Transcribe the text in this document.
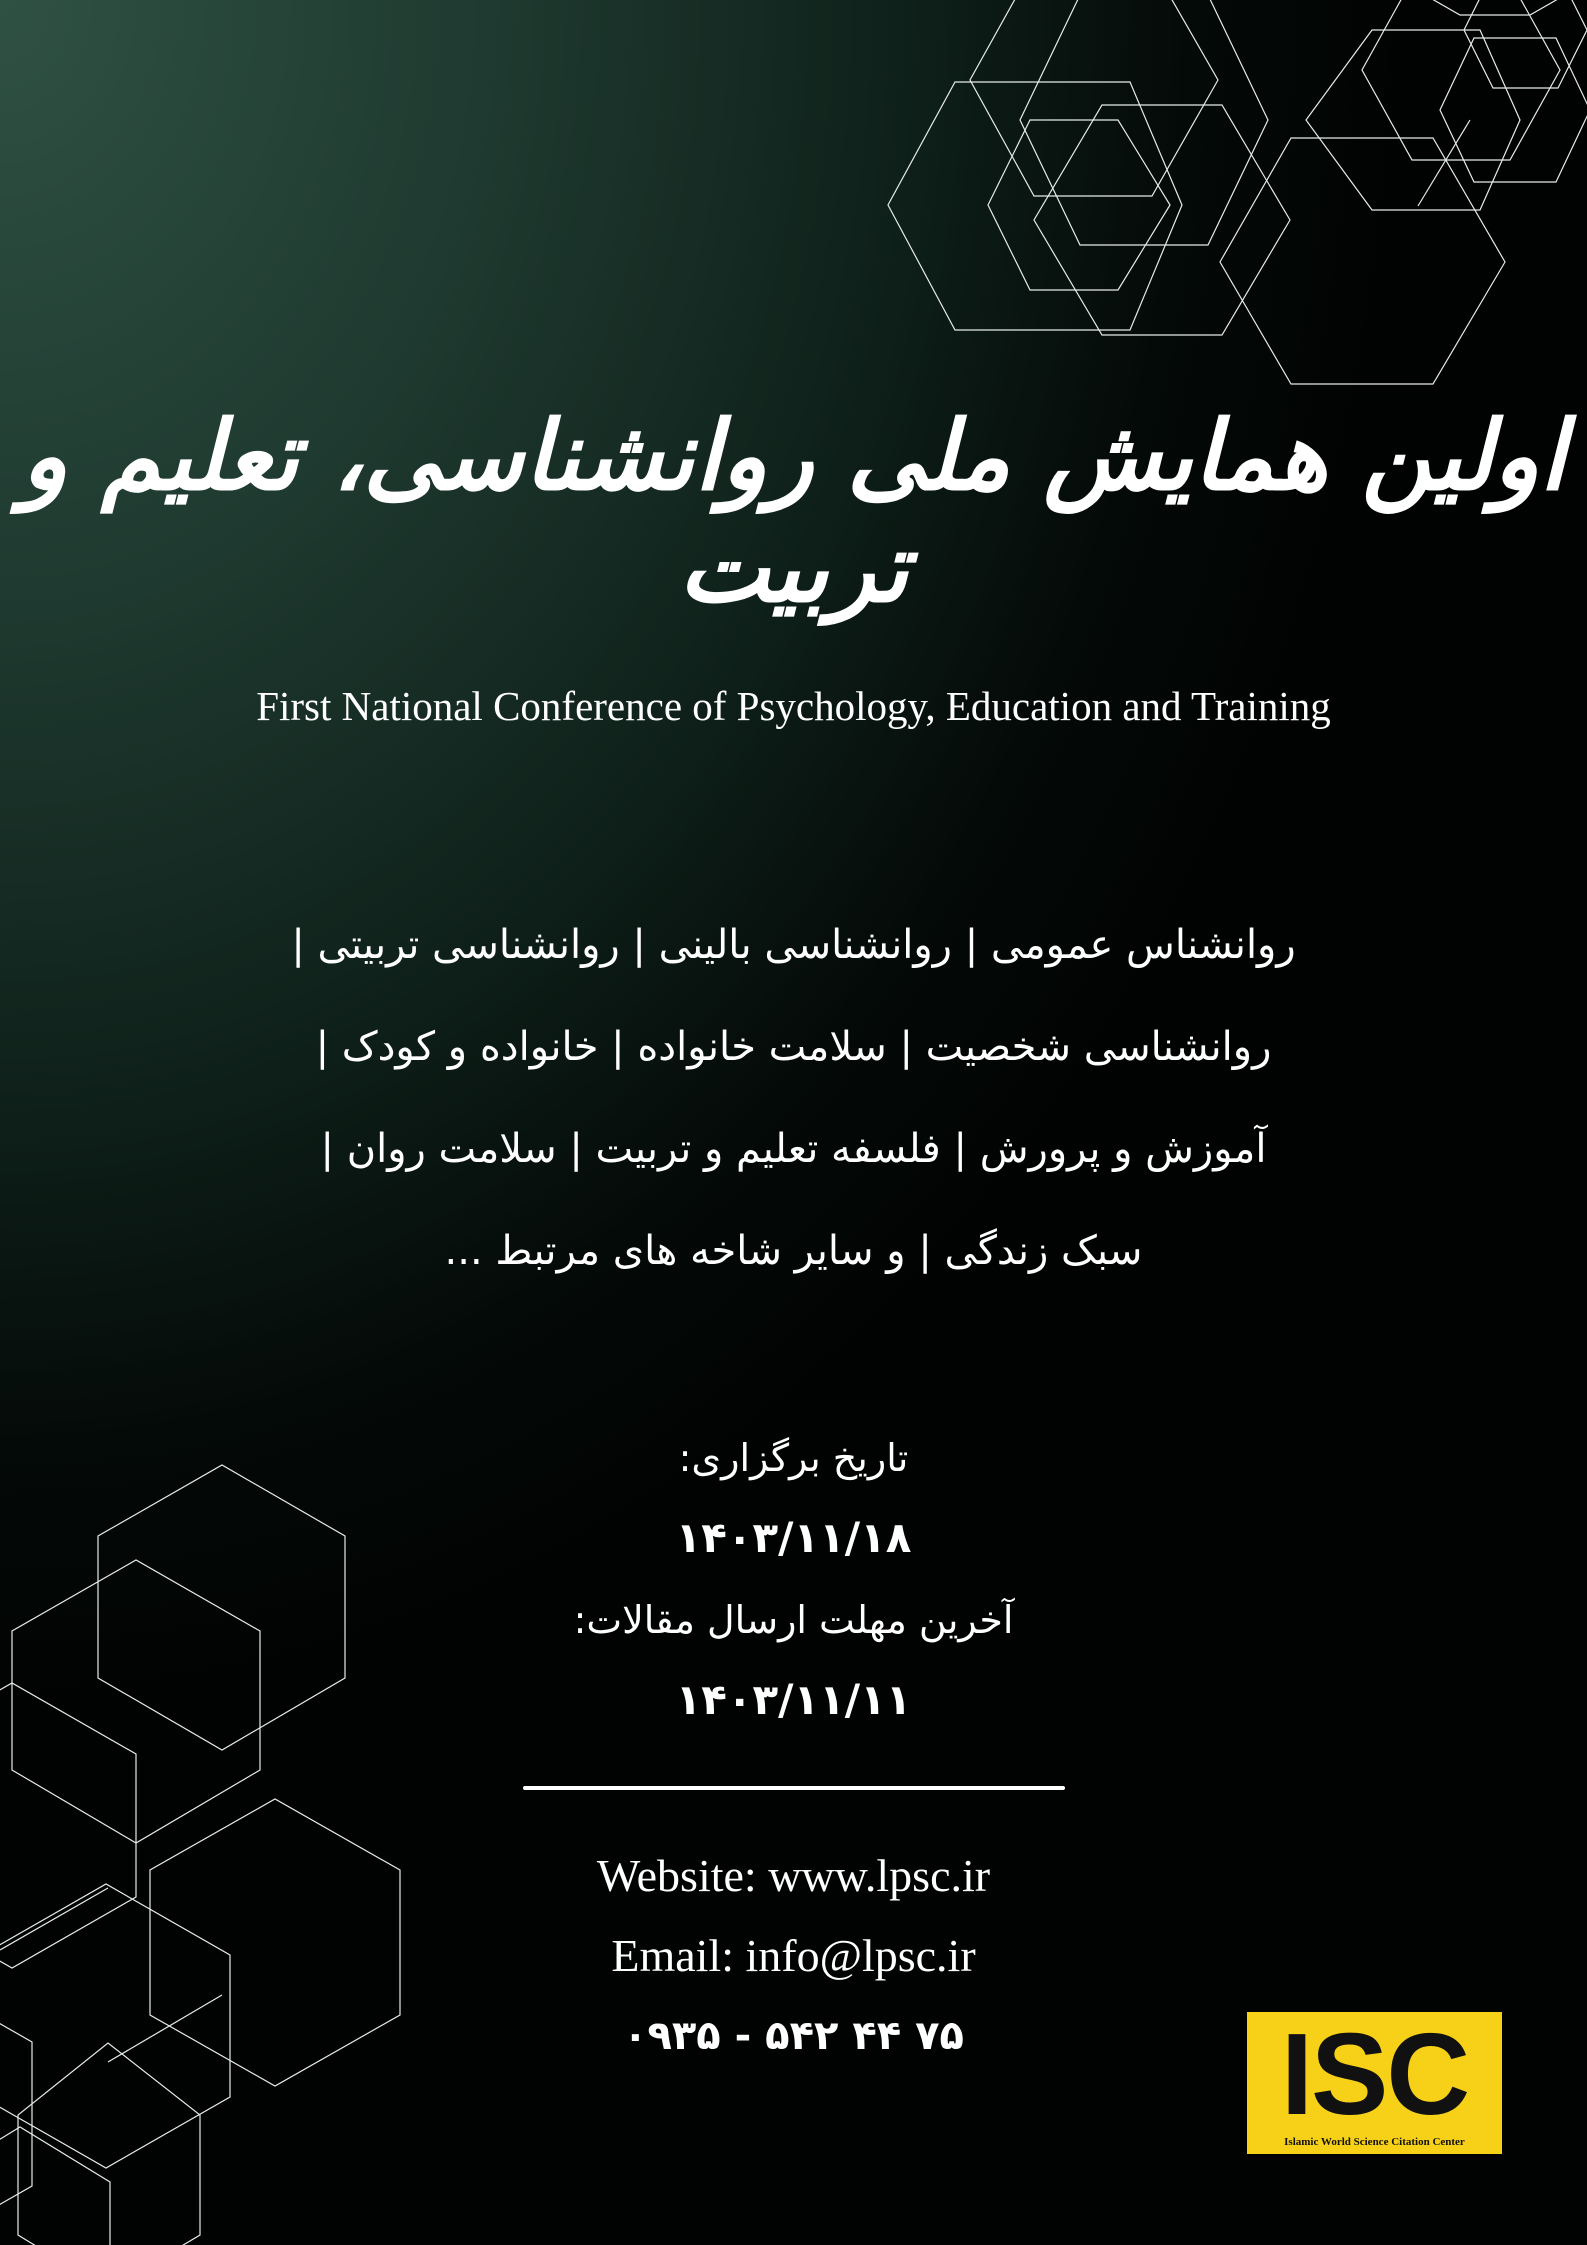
اولین همایش ملی روانشناسی، تعلیم و تربیت
First National Conference of Psychology, Education and Training
روانشناس عمومی | روانشناسی بالینی | روانشناسی تربیتی |
روانشناسی شخصیت | سلامت خانواده | خانواده و کودک |
آموزش و پرورش | فلسفه تعلیم و تربیت | سلامت روان |
سبک زندگی | و سایر شاخه های مرتبط ...
تاریخ برگزاری:
۱۴۰۳/۱۱/۱۸
آخرین مهلت ارسال مقالات:
۱۴۰۳/۱۱/۱۱
Website: www.lpsc.ir
Email: info@lpsc.ir
۰۹۳۵ - ۵۴۲ ۴۴ ۷۵	ISC
Islamic World Science Citation Center
